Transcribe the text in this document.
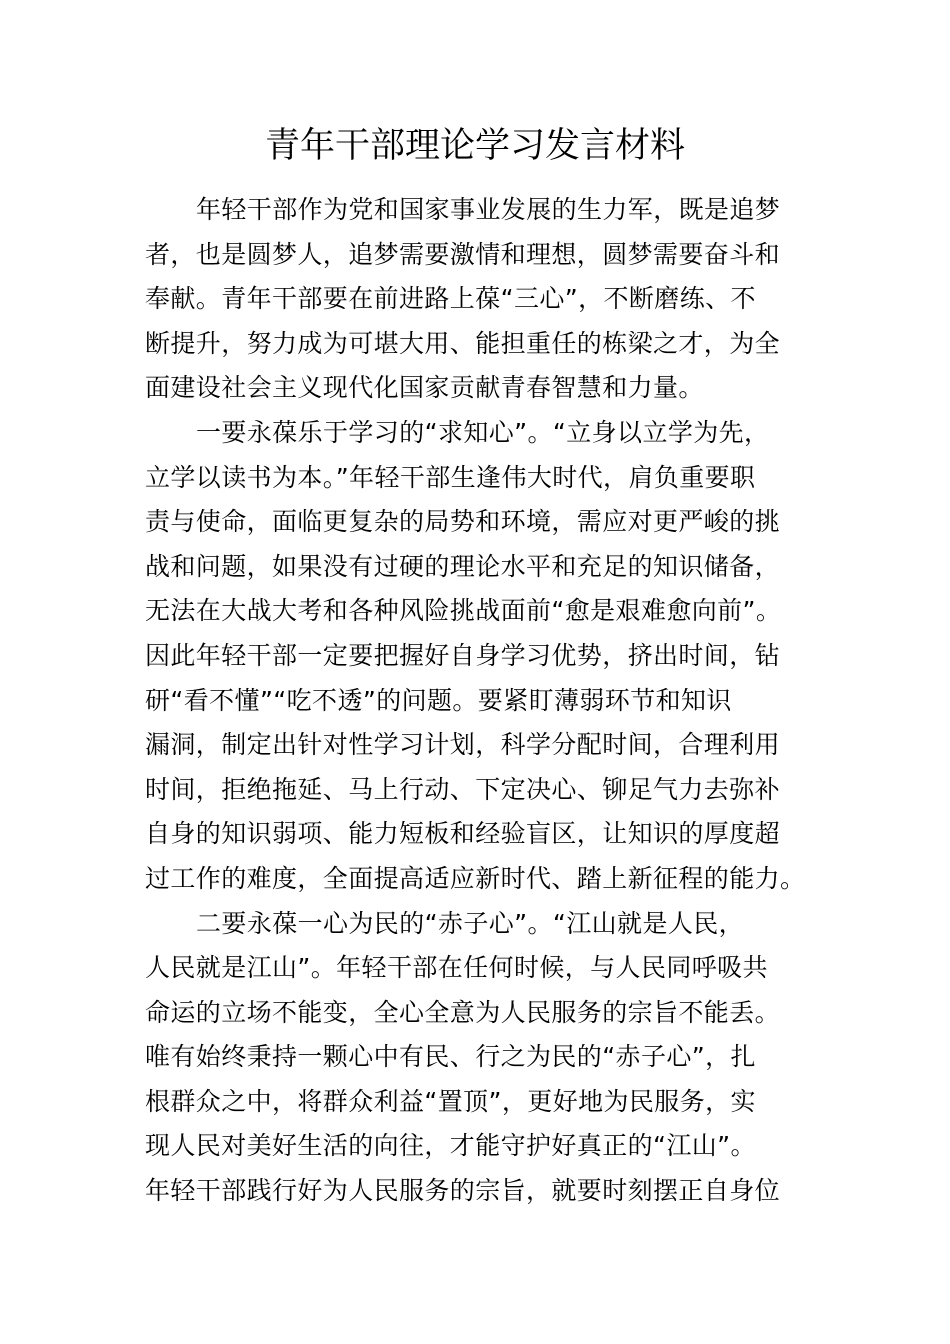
青年干部理论学习发言材料
年轻干部作为党和国家事业发展的生力军，既是追梦
者，也是圆梦人，追梦需要激情和理想，圆梦需要奋斗和
奉献。青年干部要在前进路上葆“三心”，不断磨练、不
断提升，努力成为可堪大用、能担重任的栋梁之才，为全
面建设社会主义现代化国家贡献青春智慧和力量。
一要永葆乐于学习的“求知心”。“立身以立学为先，
立学以读书为本。”年轻干部生逢伟大时代，肩负重要职
责与使命，面临更复杂的局势和环境，需应对更严峻的挑
战和问题，如果没有过硬的理论水平和充足的知识储备，
无法在大战大考和各种风险挑战面前“愈是艰难愈向前”。
因此年轻干部一定要把握好自身学习优势，挤出时间，钻
研“看不懂”“吃不透”的问题。要紧盯薄弱环节和知识
漏洞，制定出针对性学习计划，科学分配时间，合理利用
时间，拒绝拖延、马上行动、下定决心、铆足气力去弥补
自身的知识弱项、能力短板和经验盲区，让知识的厚度超
过工作的难度，全面提高适应新时代、踏上新征程的能力。
二要永葆一心为民的“赤子心”。“江山就是人民，
人民就是江山”。年轻干部在任何时候，与人民同呼吸共
命运的立场不能变，全心全意为人民服务的宗旨不能丢。
唯有始终秉持一颗心中有民、行之为民的“赤子心”，扎
根群众之中，将群众利益“置顶”，更好地为民服务，实
现人民对美好生活的向往，才能守护好真正的“江山”。
年轻干部践行好为人民服务的宗旨，就要时刻摆正自身位
